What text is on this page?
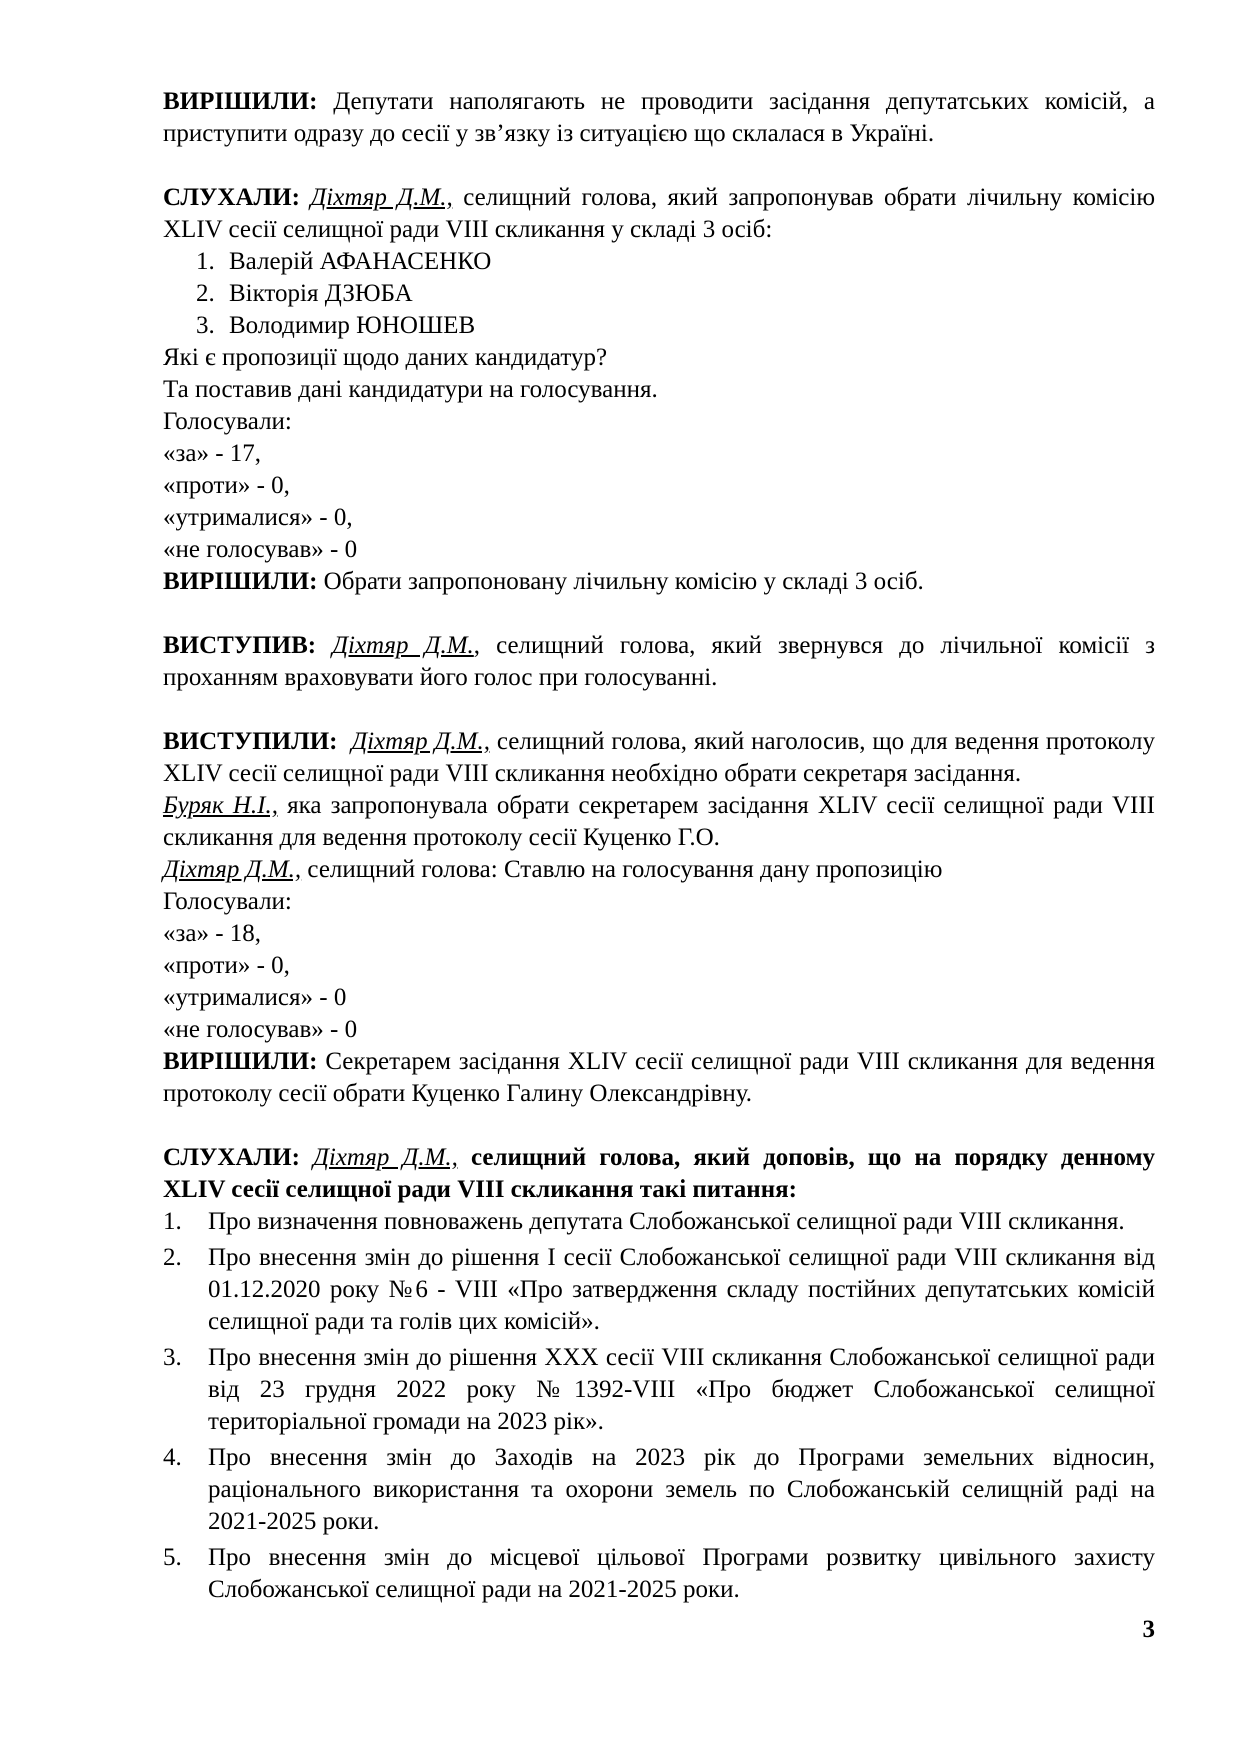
ВИРІШИЛИ: Депутати наполягають не проводити засідання депутатських комісій, а приступити одразу до сесії у зв’язку із ситуацією що склалася в Україні.

СЛУХАЛИ: Діхтяр Д.М., селищний голова, який запропонував обрати лічильну комісію XLIV сесії селищної ради VIII скликання у складі 3 осіб:

1. Валерій АФАНАСЕНКО
2. Вікторія ДЗЮБА
3. Володимир ЮНОШЕВ

Які є пропозиції щодо даних кандидатур?

Та поставив дані кандидатури на голосування.

Голосували:

«за» - 17,

«проти» - 0,

«утрималися» - 0,

«не голосував» - 0

ВИРІШИЛИ: Обрати запропоновану лічильну комісію у складі 3 осіб.

ВИСТУПИВ: Діхтяр Д.М., селищний голова, який звернувся до лічильної комісії з проханням враховувати його голос при голосуванні.

ВИСТУПИЛИ: Діхтяр Д.М., селищний голова, який наголосив, що для ведення протоколу XLIV сесії селищної ради VIII скликання необхідно обрати секретаря засідання.

Буряк Н.І., яка запропонувала обрати секретарем засідання XLIV сесії селищної ради VIII скликання для ведення протоколу сесії Куценко Г.О.

Діхтяр Д.М., селищний голова: Ставлю на голосування дану пропозицію

Голосували:

«за» - 18,

«проти» - 0,

«утрималися» - 0

«не голосував» - 0

ВИРІШИЛИ: Секретарем засідання XLIV сесії селищної ради VIII скликання для ведення протоколу сесії обрати Куценко Галину Олександрівну.

СЛУХАЛИ: Діхтяр Д.М., селищний голова, який доповів, що на порядку денному XLIV сесії селищної ради VIII скликання такі питання:

1. Про визначення повноважень депутата Слобожанської селищної ради VIII скликання.
2. Про внесення змін до рішення І сесії Слобожанської селищної ради VIII скликання від 01.12.2020 року №6 - VIII «Про затвердження складу постійних депутатських комісій селищної ради та голів цих комісій».
3. Про внесення змін до рішення ХХХ сесії VIII скликання Слобожанської селищної ради від 23 грудня 2022 року №1392-VIII «Про бюджет Слобожанської селищної територіальної громади на 2023 рік».
4. Про внесення змін до Заходів на 2023 рік до Програми земельних відносин, раціонального використання та охорони земель по Слобожанській селищній раді на 2021-2025 роки.
5. Про внесення змін до місцевої цільової Програми розвитку цивільного захисту Слобожанської селищної ради на 2021-2025 роки.
3
